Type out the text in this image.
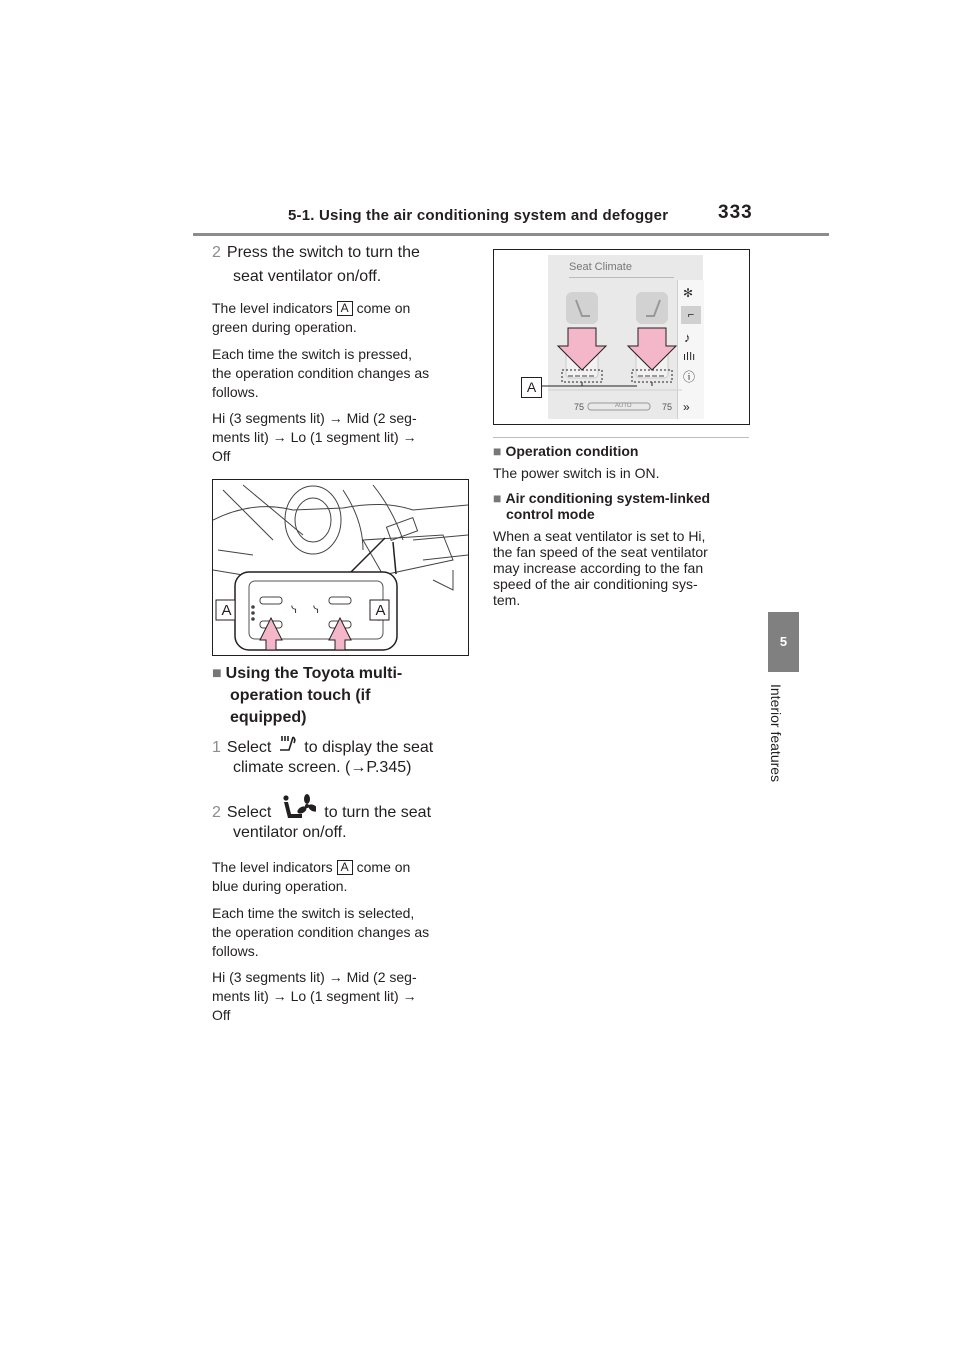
5-1. Using the air conditioning system and defogger	333
5
Interior features
2 Press the switch to turn the
seat ventilator on/off.
The level indicators A come on
green during operation.
Each time the switch is pressed,
the operation condition changes as
follows.
Hi (3 segments lit) → Mid (2 seg-
ments lit) → Lo (1 segment lit) →
Off
ᓭ ᓭ
A	A
■ Using the Toyota multi-
operation touch (if
equipped)
1 Select to display the seat
climate screen. (→P.345)
2 Select	to turn the seat
ventilator on/off.
The level indicators A come on
blue during operation.
Each time the switch is selected,
the operation condition changes as
follows.
Hi (3 segments lit) → Mid (2 seg-
ments lit) → Lo (1 segment lit) →
Off
Seat Climate
✻
⌐
♪
ıllı
ⓘ
»
75	75
AUTO
A
■ Operation condition
The power switch is in ON.
■ Air conditioning system-linked
control mode
When a seat ventilator is set to Hi,
the fan speed of the seat ventilator
may increase according to the fan
speed of the air conditioning sys-
tem.
